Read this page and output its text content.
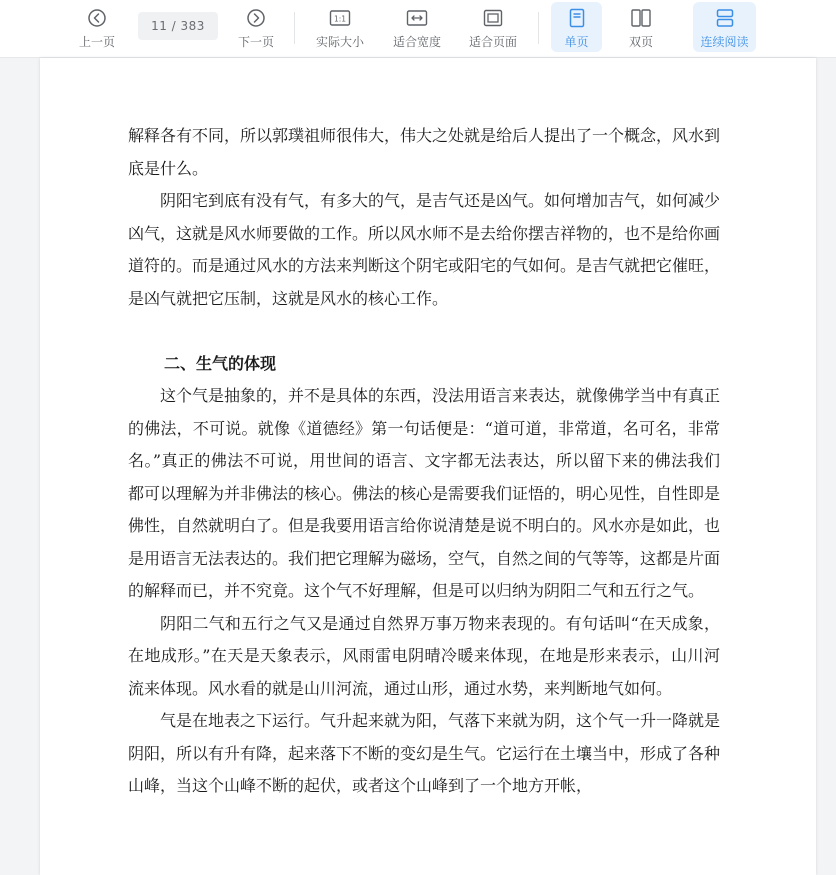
上一页
11 / 383
下一页
1:1
实际大小 适合宽度 适合页面	单页	双页	连续阅读

解释各有不同，所以郭璞祖师很伟大，伟大之处就是给后人提出了一个概念，风水到底是什么。

阴阳宅到底有没有气，有多大的气，是吉气还是凶气。如何增加吉气，如何减少凶气，这就是风水师要做的工作。所以风水师不是去给你摆吉祥物的，也不是给你画道符的。而是通过风水的方法来判断这个阴宅或阳宅的气如何。是吉气就把它催旺，是凶气就把它压制，这就是风水的核心工作。

二、生气的体现

这个气是抽象的，并不是具体的东西，没法用语言来表达，就像佛学当中有真正的佛法，不可说。就像《道德经》第一句话便是：“道可道，非常道，名可名，非常名。”真正的佛法不可说，用世间的语言、文字都无法表达，所以留下来的佛法我们都可以理解为并非佛法的核心。佛法的核心是需要我们证悟的，明心见性，自性即是佛性，自然就明白了。但是我要用语言给你说清楚是说不明白的。风水亦是如此，也是用语言无法表达的。我们把它理解为磁场，空气，自然之间的气等等，这都是片面的解释而已，并不究竟。这个气不好理解，但是可以归纳为阴阳二气和五行之气。

阴阳二气和五行之气又是通过自然界万事万物来表现的。有句话叫“在天成象，在地成形。”在天是天象表示，风雨雷电阴晴冷暖来体现，在地是形来表示，山川河流来体现。风水看的就是山川河流，通过山形，通过水势，来判断地气如何。

气是在地表之下运行。气升起来就为阳，气落下来就为阴，这个气一升一降就是阴阳，所以有升有降，起来落下不断的变幻是生气。它运行在土壤当中，形成了各种山峰，当这个山峰不断的起伏，或者这个山峰到了一个地方开帐，
